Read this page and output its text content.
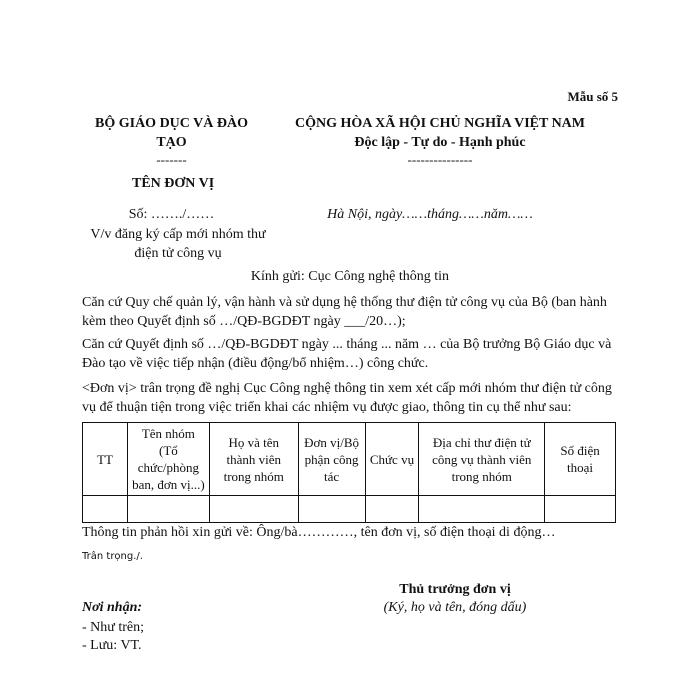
Mẫu số 5
BỘ GIÁO DỤC VÀ ĐÀO TẠO
-------
CỘNG HÒA XÃ HỘI CHỦ NGHĨA VIỆT NAM
Độc lập - Tự do - Hạnh phúc
---------------
TÊN ĐƠN VỊ
Số: ……./……
V/v đăng ký cấp mới nhóm thư điện tử công vụ
Hà Nội, ngày……tháng……năm……
Kính gửi: Cục Công nghệ thông tin
Căn cứ Quy chế quản lý, vận hành và sử dụng hệ thống thư điện tử công vụ của Bộ (ban hành kèm theo Quyết định số …/QĐ-BGDĐT ngày ___/20…);
Căn cứ Quyết định số …/QĐ-BGDĐT ngày ... tháng ... năm … của Bộ trưởng Bộ Giáo dục và Đào tạo về việc tiếp nhận (điều động/bổ nhiệm…) công chức.
<Đơn vị> trân trọng đề nghị Cục Công nghệ thông tin xem xét cấp mới nhóm thư điện tử công vụ để thuận tiện trong việc triển khai các nhiệm vụ được giao, thông tin cụ thể như sau:
TT	Tên nhóm (Tổ chức/phòng ban, đơn vị...)	Họ và tên thành viên trong nhóm	Đơn vị/Bộ phận công tác	Chức vụ	Địa chỉ thư điện tử công vụ thành viên trong nhóm	Số điện thoại

Thông tin phản hồi xin gửi về: Ông/bà…………, tên đơn vị, số điện thoại di động…
Trân trọng./.
Thủ trưởng đơn vị
(Ký, họ và tên, đóng dấu)
Nơi nhận:
- Như trên;
- Lưu: VT.
